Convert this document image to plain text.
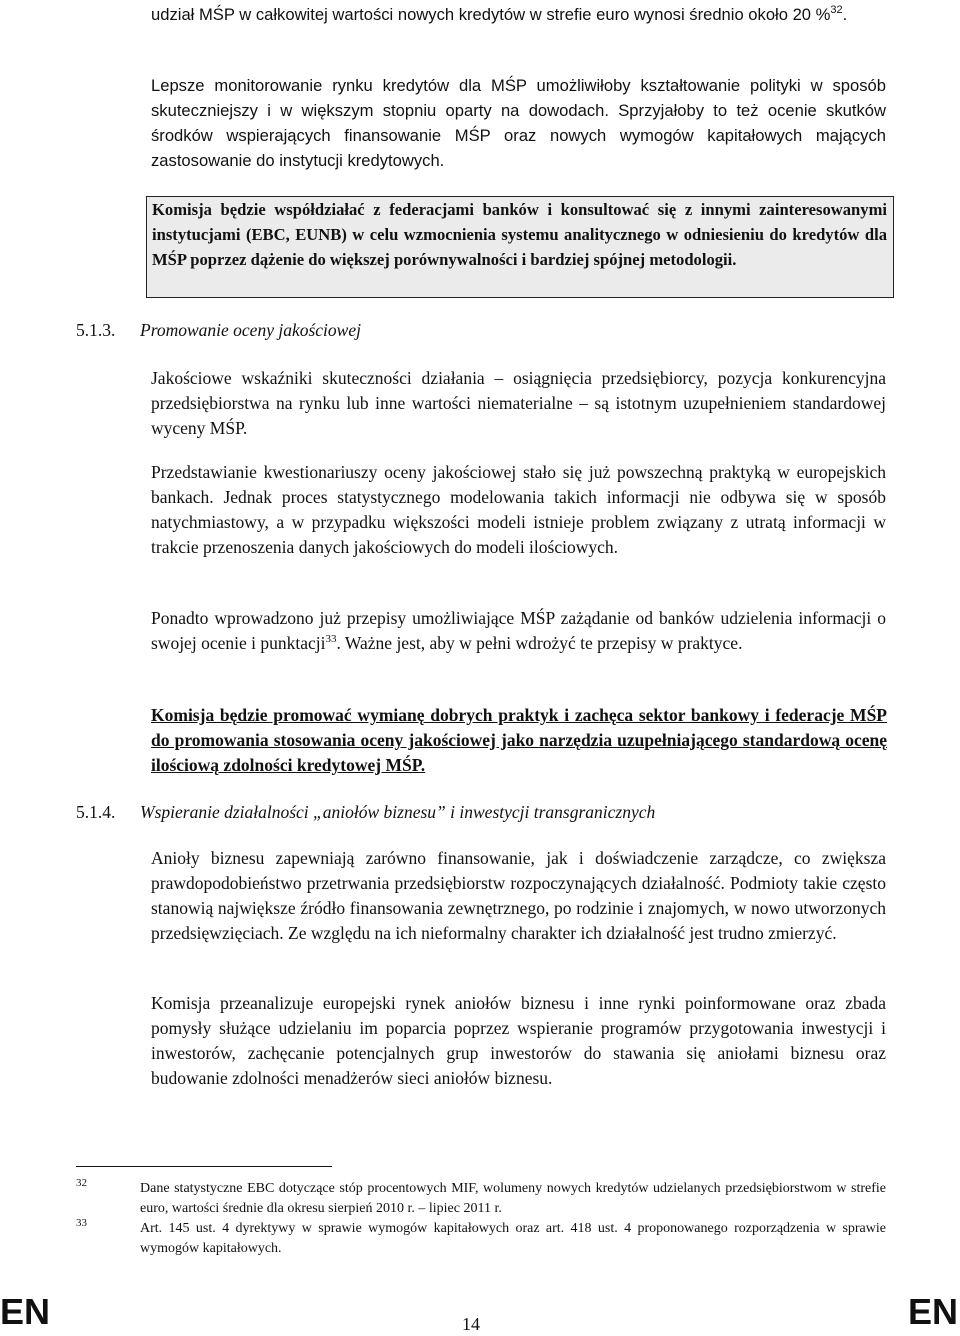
udział MŚP w całkowitej wartości nowych kredytów w strefie euro wynosi średnio około 20 %$^{32}$.
Lepsze monitorowanie rynku kredytów dla MŚP umożliwiłoby kształtowanie polityki w sposób skuteczniejszy i w większym stopniu oparty na dowodach. Sprzyjałoby to też ocenie skutków środków wspierających finansowanie MŚP oraz nowych wymogów kapitałowych mających zastosowanie do instytucji kredytowych.
Komisja będzie współdziałać z federacjami banków i konsultować się z innymi zainteresowanymi instytucjami (EBC, EUNB) w celu wzmocnienia systemu analitycznego w odniesieniu do kredytów dla MŚP poprzez dążenie do większej porównywalności i bardziej spójnej metodologii.
5.1.3. Promowanie oceny jakościowej
Jakościowe wskaźniki skuteczności działania – osiągnięcia przedsiębiorcy, pozycja konkurencyjna przedsiębiorstwa na rynku lub inne wartości niematerialne – są istotnym uzupełnieniem standardowej wyceny MŚP.
Przedstawianie kwestionariuszy oceny jakościowej stało się już powszechną praktyką w europejskich bankach. Jednak proces statystycznego modelowania takich informacji nie odbywa się w sposób natychmiastowy, a w przypadku większości modeli istnieje problem związany z utratą informacji w trakcie przenoszenia danych jakościowych do modeli ilościowych.
Ponadto wprowadzono już przepisy umożliwiające MŚP zażądanie od banków udzielenia informacji o swojej ocenie i punktacji$^{33}$. Ważne jest, aby w pełni wdrożyć te przepisy w praktyce.
Komisja będzie promować wymianę dobrych praktyk i zachęca sektor bankowy i federacje MŚP do promowania stosowania oceny jakościowej jako narzędzia uzupełniającego standardową ocenę ilościową zdolności kredytowej MŚP.
5.1.4. Wspieranie działalności „aniołów biznesu” i inwestycji transgranicznych
Anioły biznesu zapewniają zarówno finansowanie, jak i doświadczenie zarządcze, co zwiększa prawdopodobieństwo przetrwania przedsiębiorstw rozpoczynających działalność. Podmioty takie często stanowią największe źródło finansowania zewnętrznego, po rodzinie i znajomych, w nowo utworzonych przedsięwzięciach. Ze względu na ich nieformalny charakter ich działalność jest trudno zmierzyć.
Komisja przeanalizuje europejski rynek aniołów biznesu i inne rynki poinformowane oraz zbada pomysły służące udzielaniu im poparcia poprzez wspieranie programów przygotowania inwestycji i inwestorów, zachęcanie potencjalnych grup inwestorów do stawania się aniołami biznesu oraz budowanie zdolności menadżerów sieci aniołów biznesu.
32	Dane statystyczne EBC dotyczące stóp procentowych MIF, wolumeny nowych kredytów udzielanych przedsiębiorstwom w strefie euro, wartości średnie dla okresu sierpień 2010 r. – lipiec 2011 r.
33	Art. 145 ust. 4 dyrektywy w sprawie wymogów kapitałowych oraz art. 418 ust. 4 proponowanego rozporządzenia w sprawie wymogów kapitałowych.
EN	14	EN
